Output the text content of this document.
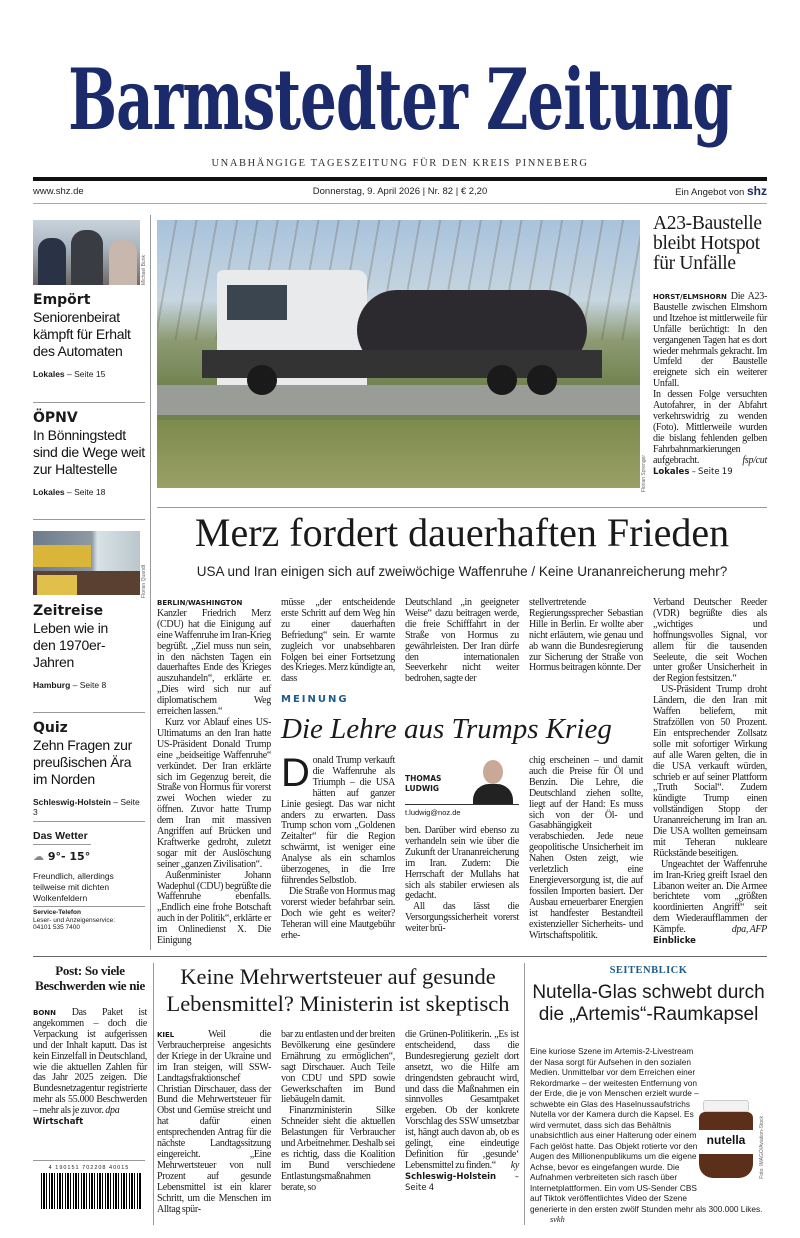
Barmstedter Zeitung
UNABHÄNGIGE TAGESZEITUNG FÜR DEN KREIS PINNEBERG
www.shz.de	Donnerstag, 9. April 2026 | Nr. 82 | € 2,20	Ein Angebot von shz
Michael Bunk
Empört
Seniorenbeirat kämpft für Erhalt des Automaten
Lokales – Seite 15
ÖPNV
In Bönningstedt sind die Wege weit zur Haltestelle
Lokales – Seite 18
Florian Quandt
Zeitreise
Leben wie in den 1970er-Jahren
Hamburg – Seite 8
Quiz
Zehn Fragen zur preußischen Ära im Norden
Schleswig-Holstein – Seite 3
Das Wetter
☁ 9°- 15°
Freundlich, allerdings teilweise mit dichten Wolkenfeldern
Service-Telefon
Leser- und Anzeigenservice:
04101 535 7400
Florian Sprenger
A23-Baustelle bleibt Hotspot für Unfälle

HORST/ELMSHORN Die A23-Baustelle zwischen Elmshorn und Itzehoe ist mittlerweile für Unfälle berüchtigt: In den vergangenen Tagen hat es dort wieder mehrmals gekracht. Im Umfeld der Baustelle ereignete sich ein weiterer Unfall.

In dessen Folge versuchten Autofahrer, in der Abfahrt verkehrswidrig zu wenden (Foto). Mittlerweile wurden die bislang fehlenden gelben Fahrbahnmarkierungen aufgebracht.	fsp/cut

Lokales – Seite 19

Merz fordert dauerhaften Frieden
USA und Iran einigen sich auf zweiwöchige Waffenruhe / Keine Urananreicherung mehr?

BERLIN/WASHINGTON Kanzler Friedrich Merz (CDU) hat die Einigung auf eine Waffenruhe im Iran-Krieg begrüßt. „Ziel muss nun sein, in den nächsten Tagen ein dauerhaftes Ende des Krieges auszuhandeln“, erklärte er. „Dies wird sich nur auf diplomatischem Weg erreichen lassen.“

Kurz vor Ablauf eines US-Ultimatums an den Iran hatte US-Präsident Donald Trump eine „beidseitige Waffenruhe“ verkündet. Der Iran erklärte sich im Gegenzug bereit, die Straße von Hormus für vorerst zwei Wochen wieder zu öffnen. Zuvor hatte Trump dem Iran mit massiven Angriffen auf Brücken und Kraftwerke gedroht, zuletzt sogar mit der Auslöschung seiner „ganzen Zivilisation“.

Außenminister Johann Wadephul (CDU) begrüßte die Waffenruhe ebenfalls. „Endlich eine frohe Botschaft auch in der Politik“, erklärte er im Onlinedienst X. Die Einigung

müsse „der entscheidende erste Schritt auf dem Weg hin zu einer dauerhaften Befriedung“ sein. Er warnte zugleich vor unabsehbaren Folgen bei einer Fortsetzung des Krieges. Merz kündigte an, dass
Deutschland „in geeigneter Weise“ dazu beitragen werde, die freie Schifffahrt in der Straße von Hormus zu gewährleisten. Der Iran dürfe den internationalen Seeverkehr nicht weiter bedrohen, sagte der
stellvertretende Regierungssprecher Sebastian Hille in Berlin. Er wollte aber nicht erläutern, wie genau und ab wann die Bundesregierung zur Sicherung der Straße von Hormus beitragen könnte. Der

Verband Deutscher Reeder (VDR) begrüßte dies als „wichtiges und hoffnungsvolles Signal, vor allem für die tausenden Seeleute, die seit Wochen unter großer Unsicherheit in der Region festsitzen.“

US-Präsident Trump droht Ländern, die den Iran mit Waffen beliefern, mit Strafzöllen von 50 Prozent. Ein entsprechender Zollsatz solle mit sofortiger Wirkung auf alle Waren gelten, die in die USA verkauft würden, schrieb er auf seiner Plattform „Truth Social“. Zudem kündigte Trump einen vollständigen Stopp der Urananreicherung im Iran an. Die USA wollten gemeinsam mit Teheran nukleare Rückstände beseitigen.

Ungeachtet der Waffenruhe im Iran-Krieg greift Israel den Libanon weiter an. Die Armee berichtete vom „größten koordinierten Angriff“ seit dem Wiederaufflammen der Kämpfe.	dpa, AFP

Einblicke

MEINUNG
Die Lehre aus Trumps Krieg

Donald Trump verkauft die Waffenruhe als Triumph – die USA hätten auf ganzer Linie gesiegt. Das war nicht anders zu erwarten. Dass Trump schon vom „Goldenen Zeitalter“ für die Region schwärmt, ist weniger eine Analyse als ein schamlos überzogenes, in die Irre führendes Selbstlob.

Die Straße von Hormus mag vorerst wieder befahrbar sein. Doch wie geht es weiter? Teheran will eine Mautgebühr erhe-

THOMAS
LUDWIG
t.ludwig@noz.de

ben. Darüber wird ebenso zu verhandeln sein wie über die Zukunft der Urananreicherung im Iran. Zudem: Die Herrschaft der Mullahs hat sich als stabiler erwiesen als gedacht.

All das lässt die Versorgungssicherheit vorerst weiter brü-

chig erscheinen – und damit auch die Preise für Öl und Benzin. Die Lehre, die Deutschland ziehen sollte, liegt auf der Hand: Es muss sich von der Öl- und Gasabhängigkeit verabschieden. Jede neue geopolitische Unsicherheit im Nahen Osten zeigt, wie verletzlich eine Energieversorgung ist, die auf fossilen Importen basiert. Der Ausbau erneuerbarer Energien ist handfester Bestandteil existenzieller Sicherheits- und Wirtschaftspolitik.
Post: So viele Beschwerden wie nie

BONN Das Paket ist angekommen – doch die Verpackung ist aufgerissen und der Inhalt kaputt. Das ist kein Einzelfall in Deutschland, wie die aktuellen Zahlen für das Jahr 2025 zeigen. Die Bundesnetzagentur registrierte mehr als 55.000 Beschwerden – mehr als je zuvor. dpa

Wirtschaft

4 190151 702208 40015
Keine Mehrwertsteuer auf gesunde Lebensmittel? Ministerin ist skeptisch

KIEL Weil die Verbraucherpreise angesichts der Kriege in der Ukraine und im Iran steigen, will SSW-Landtagsfraktionschef Christian Dirschauer, dass der Bund die Mehrwertsteuer für Obst und Gemüse streicht und hat dafür einen entsprechenden Antrag für die nächste Landtagssitzung eingereicht. „Eine Mehrwertsteuer von null Prozent auf gesunde Lebensmittel ist ein klarer Schritt, um die Menschen im Alltag spür-

bar zu entlasten und der breiten Bevölkerung eine gesündere Ernährung zu ermöglichen“, sagt Dirschauer. Auch Teile von CDU und SPD sowie Gewerkschaften im Bund liebäugeln damit.

Finanzministerin Silke Schneider sieht die aktuellen Belastungen für Verbraucher und Arbeitnehmer. Deshalb sei es richtig, dass die Koalition im Bund verschiedene Entlastungsmaßnahmen berate, so

die Grünen-Politikerin. „Es ist entscheidend, dass die Bundesregierung gezielt dort ansetzt, wo die Hilfe am dringendsten gebraucht wird, und dass die Maßnahmen ein sinnvolles Gesamtpaket ergeben. Ob der konkrete Vorschlag des SSW umsetzbar ist, hängt auch davon ab, ob es gelingt, eine eindeutige Definition für ‚gesunde‘ Lebensmittel zu finden.“ ky

Schleswig-Holstein – Seite 4

SEITENBLICK
Nutella-Glas schwebt durch die „Artemis“-Raumkapsel
nutella	Foto: IMAGO/Aviation-Stock
Eine kuriose Szene im Artemis-2-Livestream der Nasa sorgt für Aufsehen in den sozialen Medien. Unmittelbar vor dem Erreichen einer Rekordmarke – der weitesten Entfernung von der Erde, die je von Menschen erzielt wurde – schwebte ein Glas des Haselnussaufstrichs Nutella vor der Kamera durch die Kapsel. Es wird vermutet, dass sich das Behältnis unabsichtlich aus einer Halterung oder einem Fach gelöst hatte. Das Objekt rotierte vor den Augen des Millionenpublikums um die eigene Achse, bevor es eingefangen wurde. Die Aufnahmen verbreiteten sich rasch über Internetplattformen. Ein vom US-Sender CBS auf Tiktok veröffentlichtes Video der Szene generierte in den ersten zwölf Stunden mehr als 300.000 Likes. svkh
